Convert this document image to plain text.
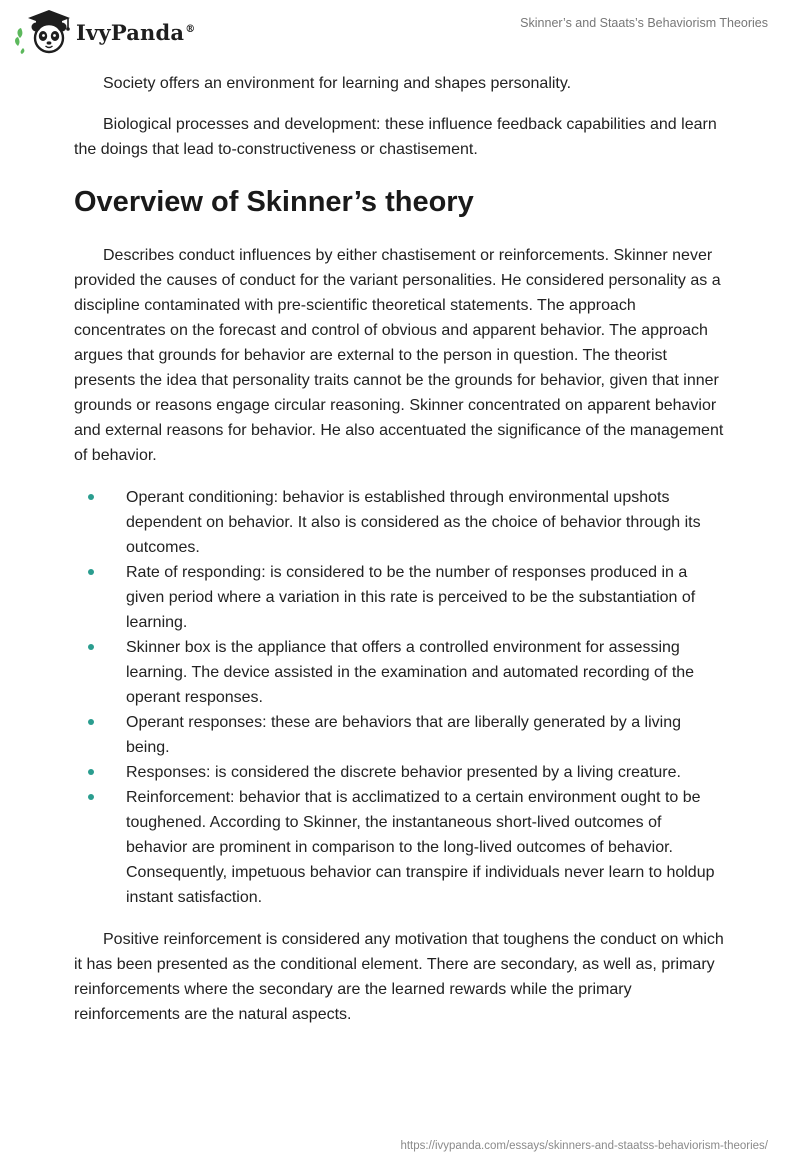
IvyPanda®	Skinner’s and Staats’s Behaviorism Theories

Society offers an environment for learning and shapes personality.

Biological processes and development: these influence feedback capabilities and learn the doings that lead to-constructiveness or chastisement.

Overview of Skinner’s theory

Describes conduct influences by either chastisement or reinforcements. Skinner never provided the causes of conduct for the variant personalities. He considered personality as a discipline contaminated with pre-scientific theoretical statements. The approach concentrates on the forecast and control of obvious and apparent behavior. The approach argues that grounds for behavior are external to the person in question. The theorist presents the idea that personality traits cannot be the grounds for behavior, given that inner grounds or reasons engage circular reasoning. Skinner concentrated on apparent behavior and external reasons for behavior. He also accentuated the significance of the management of behavior.

Operant conditioning: behavior is established through environmental upshots dependent on behavior. It also is considered as the choice of behavior through its outcomes.
Rate of responding: is considered to be the number of responses produced in a given period where a variation in this rate is perceived to be the substantiation of learning.
Skinner box is the appliance that offers a controlled environment for assessing learning. The device assisted in the examination and automated recording of the operant responses.
Operant responses: these are behaviors that are liberally generated by a living being.
Responses: is considered the discrete behavior presented by a living creature.
Reinforcement: behavior that is acclimatized to a certain environment ought to be toughened. According to Skinner, the instantaneous short-lived outcomes of behavior are prominent in comparison to the long-lived outcomes of behavior. Consequently, impetuous behavior can transpire if individuals never learn to holdup instant satisfaction.

Positive reinforcement is considered any motivation that toughens the conduct on which it has been presented as the conditional element. There are secondary, as well as, primary reinforcements where the secondary are the learned rewards while the primary reinforcements are the natural aspects.

https://ivypanda.com/essays/skinners-and-staatss-behaviorism-theories/
